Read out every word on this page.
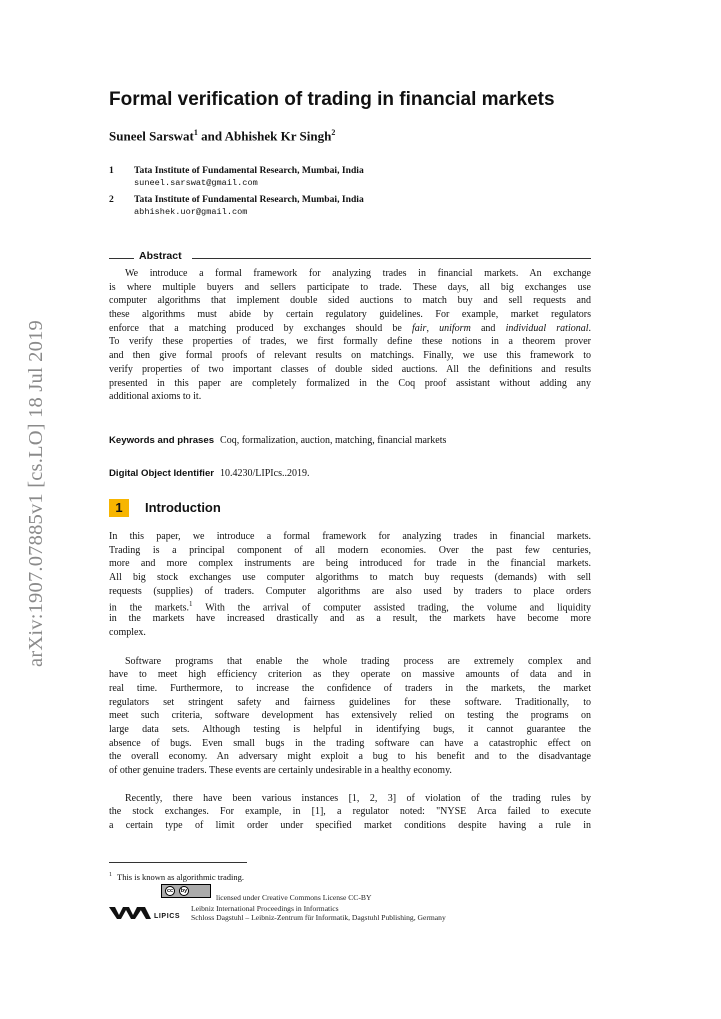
arXiv:1907.07885v1 [cs.LO] 18 Jul 2019
Formal verification of trading in financial markets
Suneel Sarswat$^1$ and Abhishek Kr Singh$^2$
1 Tata Institute of Fundamental Research, Mumbai, India
suneel.sarswat@gmail.com
2 Tata Institute of Fundamental Research, Mumbai, India
abhishek.uor@gmail.com
Abstract
We introduce a formal framework for analyzing trades in financial markets. An exchange
is where multiple buyers and sellers participate to trade. These days, all big exchanges use
computer algorithms that implement double sided auctions to match buy and sell requests and
these algorithms must abide by certain regulatory guidelines. For example, market regulators
enforce that a matching produced by exchanges should be fair, uniform and individual rational.
To verify these properties of trades, we first formally define these notions in a theorem prover
and then give formal proofs of relevant results on matchings. Finally, we use this framework to
verify properties of two important classes of double sided auctions. All the definitions and results
presented in this paper are completely formalized in the Coq proof assistant without adding any
additional axioms to it.
Keywords and phrases Coq, formalization, auction, matching, financial markets
Digital Object Identifier 10.4230/LIPIcs..2019.
1	Introduction
In this paper, we introduce a formal framework for analyzing trades in financial markets.
Trading is a principal component of all modern economies. Over the past few centuries,
more and more complex instruments are being introduced for trade in the financial markets.
All big stock exchanges use computer algorithms to match buy requests (demands) with sell
requests (supplies) of traders. Computer algorithms are also used by traders to place orders
in the markets.$^1$ With the arrival of computer assisted trading, the volume and liquidity
in the markets have increased drastically and as a result, the markets have become more
complex.
Software programs that enable the whole trading process are extremely complex and
have to meet high efficiency criterion as they operate on massive amounts of data and in
real time. Furthermore, to increase the confidence of traders in the markets, the market
regulators set stringent safety and fairness guidelines for these software. Traditionally, to
meet such criteria, software development has extensively relied on testing the programs on
large data sets. Although testing is helpful in identifying bugs, it cannot guarantee the
absence of bugs. Even small bugs in the trading software can have a catastrophic effect on
the overall economy. An adversary might exploit a bug to his benefit and to the disadvantage
of other genuine traders. These events are certainly undesirable in a healthy economy.
Recently, there have been various instances [1, 2, 3] of violation of the trading rules by
the stock exchanges. For example, in [1], a regulator noted: "NYSE Arca failed to execute
a certain type of limit order under specified market conditions despite having a rule in
$^1$ This is known as algorithmic trading.
cc	by
licensed under Creative Commons License CC-BY
Leibniz International Proceedings in Informatics
LIPICS Schloss Dagstuhl – Leibniz-Zentrum für Informatik, Dagstuhl Publishing, Germany
